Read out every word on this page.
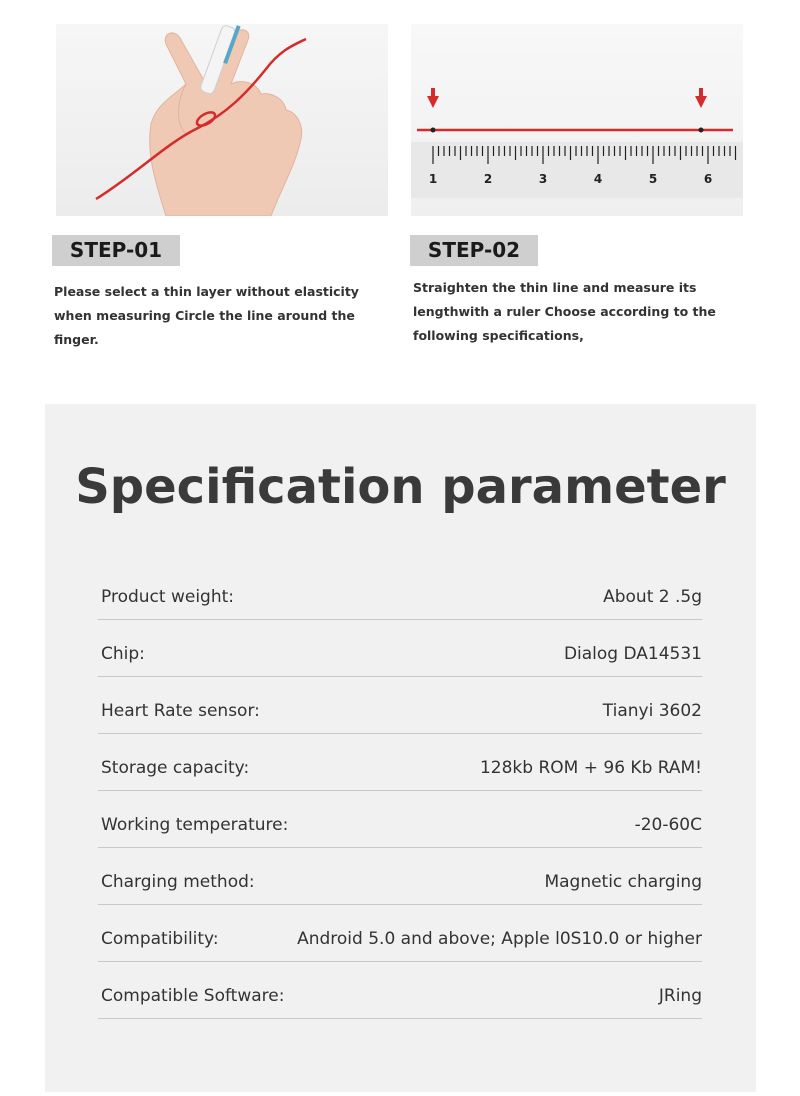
1	2	3	4	5	6
STEP-01	STEP-02
Please select a thin layer without elasticity when measuring Circle the line around the finger.
Straighten the thin line and measure its lengthwith a ruler Choose according to the following specifications,
Specification parameter
Product weight:	About 2 .5g
Chip:	Dialog DA14531
Heart Rate sensor:	Tianyi 3602
Storage capacity:	128kb ROM + 96 Kb RAM!
Working temperature:	-20-60C
Charging method:	Magnetic charging
Compatibility:	Android 5.0 and above; Apple l0S10.0 or higher
Compatible Software:	JRing
